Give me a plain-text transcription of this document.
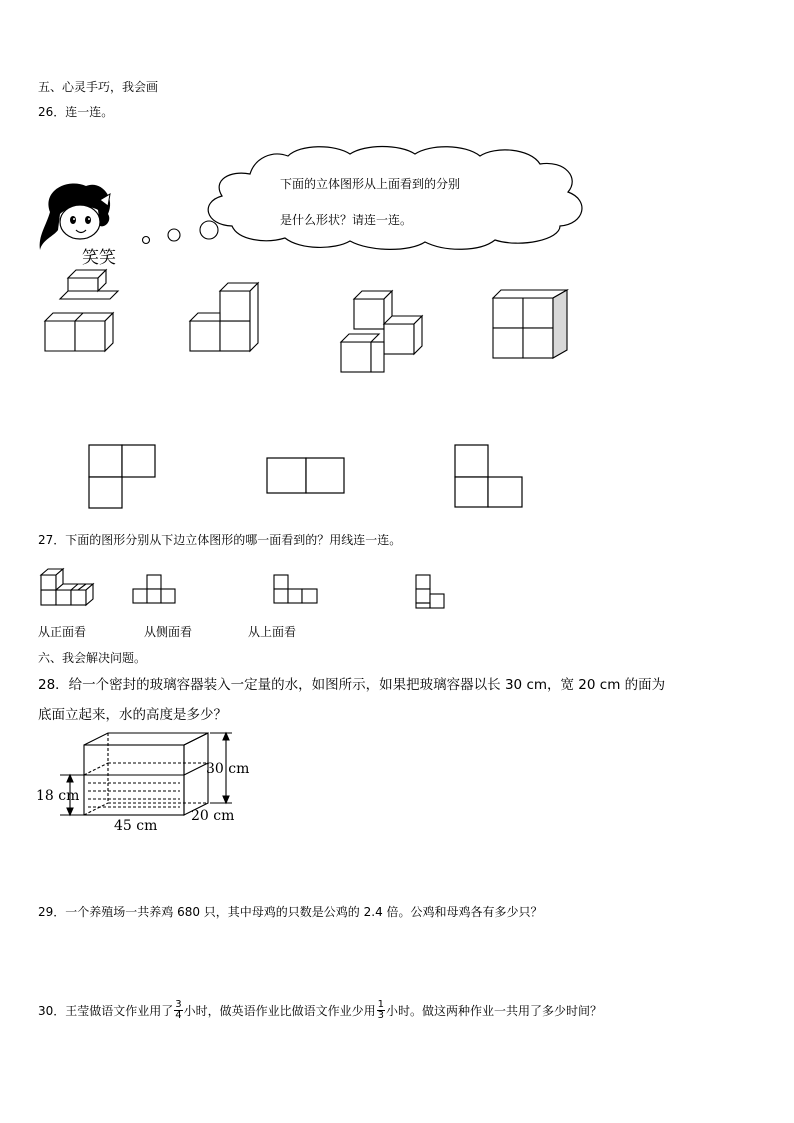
五、心灵手巧，我会画
26．连一连。
下面的立体图形从上面看到的分别
是什么形状？请连一连。
笑笑
27．下面的图形分别从下边立体图形的哪一面看到的？用线连一连。
从正面看	从侧面看	从上面看
六、我会解决问题。
28．给一个密封的玻璃容器装入一定量的水，如图所示，如果把玻璃容器以长 30 cm，宽 20 cm 的面为
底面立起来，水的高度是多少？
30 cm
18 cm
45 cm
20 cm
29．一个养殖场一共养鸡 680 只，其中母鸡的只数是公鸡的 2.4 倍。公鸡和母鸡各有多少只？
30．王莹做语文作业用了 $\frac{3}{4}$ 小时，做英语作业比做语文作业少用 $\frac{1}{3}$ 小时。做这两种作业一共用了多少时间？
